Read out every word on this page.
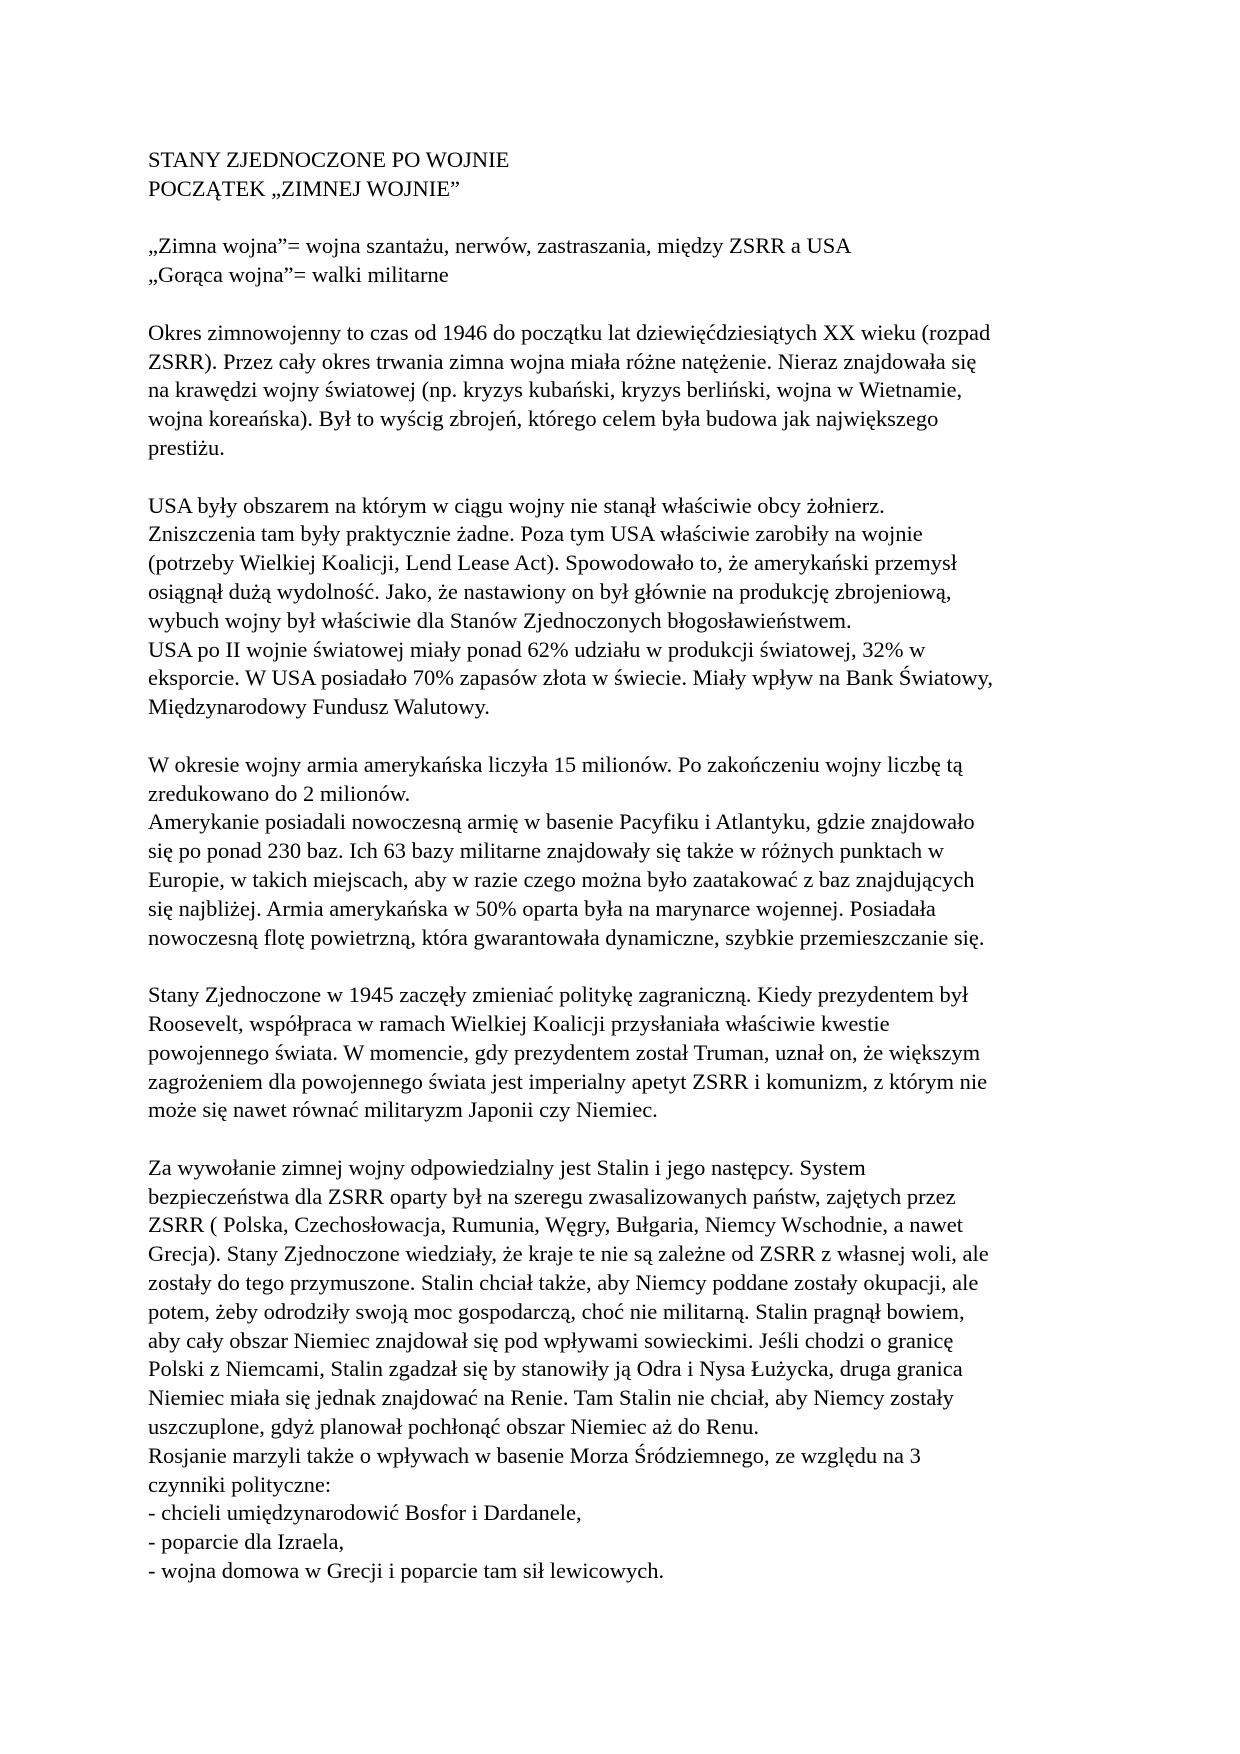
STANY ZJEDNOCZONE PO WOJNIE
POCZĄTEK „ZIMNEJ WOJNIE”
„Zimna wojna”= wojna szantażu, nerwów, zastraszania, między ZSRR a USA
„Gorąca wojna”= walki militarne
Okres zimnowojenny to czas od 1946 do początku lat dziewięćdziesiątych XX wieku (rozpad
ZSRR). Przez cały okres trwania zimna wojna miała różne natężenie. Nieraz znajdowała się
na krawędzi wojny światowej (np. kryzys kubański, kryzys berliński, wojna w Wietnamie,
wojna koreańska). Był to wyścig zbrojeń, którego celem była budowa jak największego
prestiżu.
USA były obszarem na którym w ciągu wojny nie stanął właściwie obcy żołnierz.
Zniszczenia tam były praktycznie żadne. Poza tym USA właściwie zarobiły na wojnie
(potrzeby Wielkiej Koalicji, Lend Lease Act). Spowodowało to, że amerykański przemysł
osiągnął dużą wydolność. Jako, że nastawiony on był głównie na produkcję zbrojeniową,
wybuch wojny był właściwie dla Stanów Zjednoczonych błogosławieństwem.
USA po II wojnie światowej miały ponad 62% udziału w produkcji światowej, 32% w
eksporcie. W USA posiadało 70% zapasów złota w świecie. Miały wpływ na Bank Światowy,
Międzynarodowy Fundusz Walutowy.
W okresie wojny armia amerykańska liczyła 15 milionów. Po zakończeniu wojny liczbę tą
zredukowano do 2 milionów.
Amerykanie posiadali nowoczesną armię w basenie Pacyfiku i Atlantyku, gdzie znajdowało
się po ponad 230 baz. Ich 63 bazy militarne znajdowały się także w różnych punktach w
Europie, w takich miejscach, aby w razie czego można było zaatakować z baz znajdujących
się najbliżej. Armia amerykańska w 50% oparta była na marynarce wojennej. Posiadała
nowoczesną flotę powietrzną, która gwarantowała dynamiczne, szybkie przemieszczanie się.
Stany Zjednoczone w 1945 zaczęły zmieniać politykę zagraniczną. Kiedy prezydentem był
Roosevelt, współpraca w ramach Wielkiej Koalicji przysłaniała właściwie kwestie
powojennego świata. W momencie, gdy prezydentem został Truman, uznał on, że większym
zagrożeniem dla powojennego świata jest imperialny apetyt ZSRR i komunizm, z którym nie
może się nawet równać militaryzm Japonii czy Niemiec.
Za wywołanie zimnej wojny odpowiedzialny jest Stalin i jego następcy. System
bezpieczeństwa dla ZSRR oparty był na szeregu zwasalizowanych państw, zajętych przez
ZSRR ( Polska, Czechosłowacja, Rumunia, Węgry, Bułgaria, Niemcy Wschodnie, a nawet
Grecja). Stany Zjednoczone wiedziały, że kraje te nie są zależne od ZSRR z własnej woli, ale
zostały do tego przymuszone. Stalin chciał także, aby Niemcy poddane zostały okupacji, ale
potem, żeby odrodziły swoją moc gospodarczą, choć nie militarną. Stalin pragnął bowiem,
aby cały obszar Niemiec znajdował się pod wpływami sowieckimi. Jeśli chodzi o granicę
Polski z Niemcami, Stalin zgadzał się by stanowiły ją Odra i Nysa Łużycka, druga granica
Niemiec miała się jednak znajdować na Renie. Tam Stalin nie chciał, aby Niemcy zostały
uszczuplone, gdyż planował pochłonąć obszar Niemiec aż do Renu.
Rosjanie marzyli także o wpływach w basenie Morza Śródziemnego, ze względu na 3
czynniki polityczne:
- chcieli umiędzynarodowić Bosfor i Dardanele,
- poparcie dla Izraela,
- wojna domowa w Grecji i poparcie tam sił lewicowych.
